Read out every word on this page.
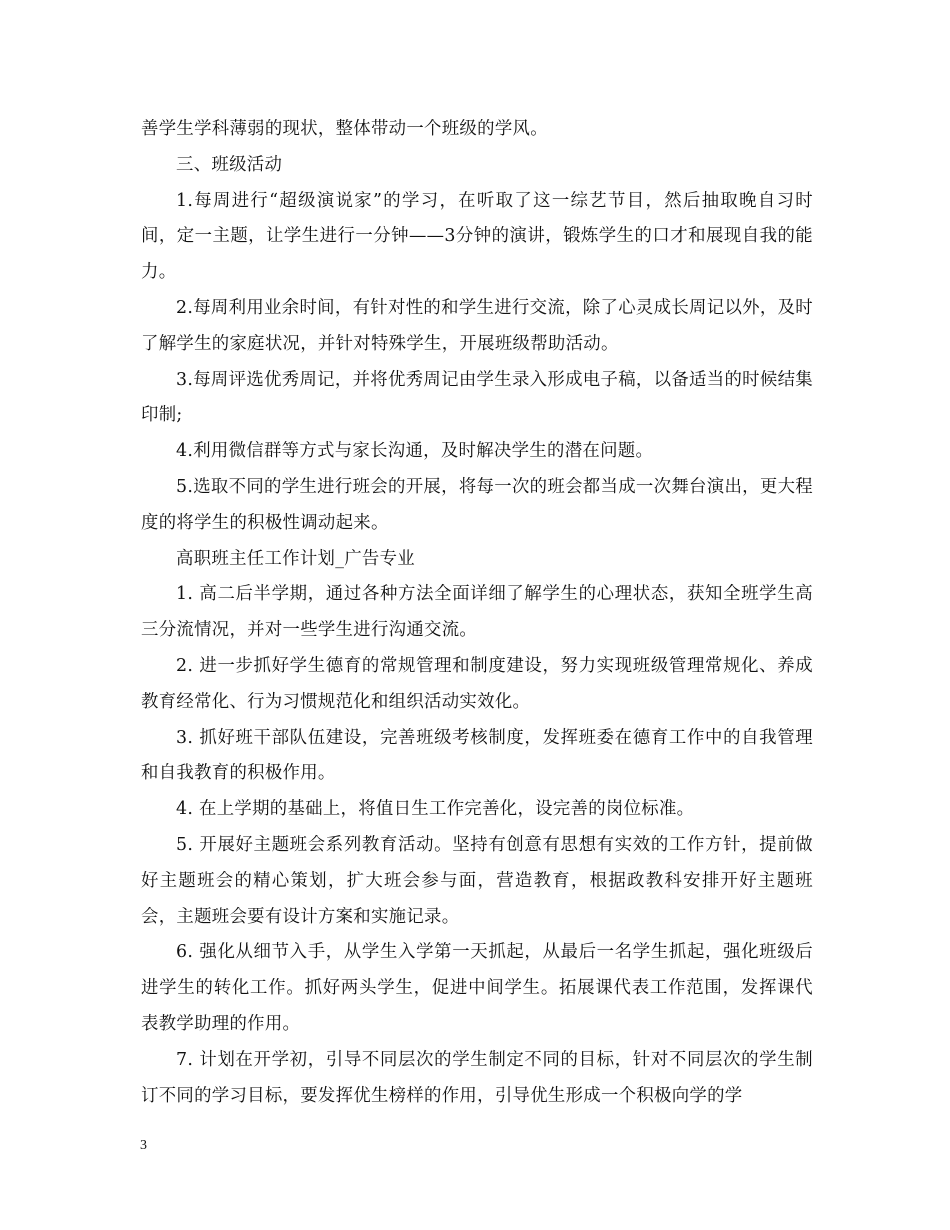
善学生学科薄弱的现状，整体带动一个班级的学风。

三、班级活动

1.每周进行“超级演说家”的学习，在听取了这一综艺节目，然后抽取晚自习时间，定一主题，让学生进行一分钟——3分钟的演讲，锻炼学生的口才和展现自我的能力。

2.每周利用业余时间，有针对性的和学生进行交流，除了心灵成长周记以外，及时了解学生的家庭状况，并针对特殊学生，开展班级帮助活动。

3.每周评选优秀周记，并将优秀周记由学生录入形成电子稿，以备适当的时候结集印制;

4.利用微信群等方式与家长沟通，及时解决学生的潜在问题。

5.选取不同的学生进行班会的开展，将每一次的班会都当成一次舞台演出，更大程度的将学生的积极性调动起来。

高职班主任工作计划_广告专业

1. 高二后半学期，通过各种方法全面详细了解学生的心理状态，获知全班学生高三分流情况，并对一些学生进行沟通交流。

2. 进一步抓好学生德育的常规管理和制度建设，努力实现班级管理常规化、养成教育经常化、行为习惯规范化和组织活动实效化。

3. 抓好班干部队伍建设，完善班级考核制度，发挥班委在德育工作中的自我管理和自我教育的积极作用。

4. 在上学期的基础上，将值日生工作完善化，设完善的岗位标准。

5. 开展好主题班会系列教育活动。坚持有创意有思想有实效的工作方针，提前做好主题班会的精心策划，扩大班会参与面，营造教育，根据政教科安排开好主题班会，主题班会要有设计方案和实施记录。

6. 强化从细节入手，从学生入学第一天抓起，从最后一名学生抓起，强化班级后进学生的转化工作。抓好两头学生，促进中间学生。拓展课代表工作范围，发挥课代表教学助理的作用。

7. 计划在开学初，引导不同层次的学生制定不同的目标，针对不同层次的学生制订不同的学习目标，要发挥优生榜样的作用，引导优生形成一个积极向学的学

3
